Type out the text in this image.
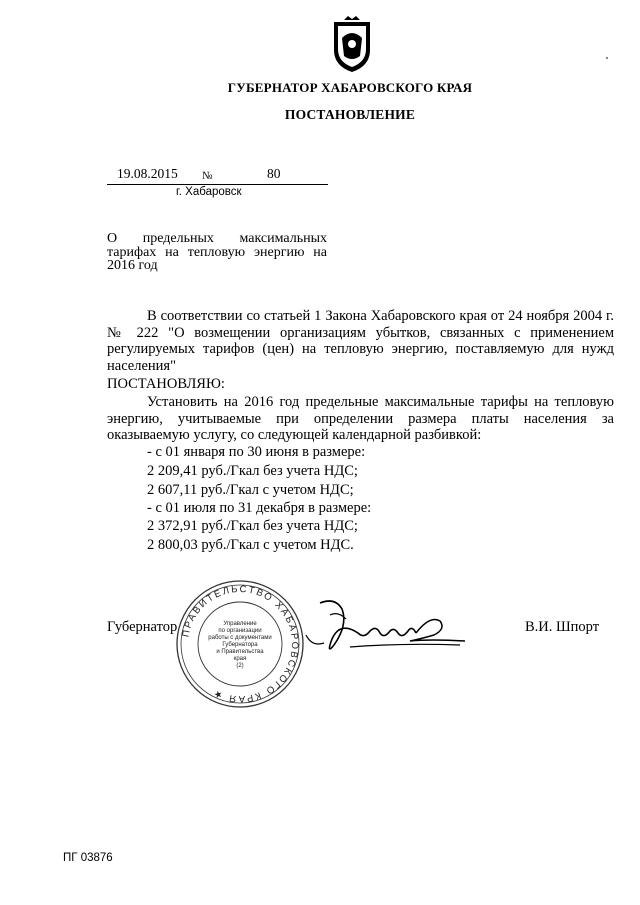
ГУБЕРНАТОР ХАБАРОВСКОГО КРАЯ
ПОСТАНОВЛЕНИЕ
19.08.2015 №	80
г. Хабаровск
О предельных максимальных тарифах на тепловую энергию на 2016 год
В соответствии со статьей 1 Закона Хабаровского края от 24 ноября 2004 г. № 222 "О возмещении организациям убытков, связанных с применением регулируемых тарифов (цен) на тепловую энергию, поставляемую для нужд населения"
ПОСТАНОВЛЯЮ:
Установить на 2016 год предельные максимальные тарифы на тепловую энергию, учитываемые при определении размера платы населения за оказываемую услугу, со следующей календарной разбивкой:
- с 01 января по 30 июня в размере:
2 209,41 руб./Гкал без учета НДС;
2 607,11 руб./Гкал с учетом НДС;
- с 01 июля по 31 декабря в размере:
2 372,91 руб./Гкал без учета НДС;
2 800,03 руб./Гкал с учетом НДС.
Губернатор	В.И. Шпорт
ПРАВИТЕЛЬСТВО ХАБАРОВСКОГО КРАЯ ★
Управление
по организации
работы с документами
Губернатора
и Правительства
края
(2)
ПГ 03876
